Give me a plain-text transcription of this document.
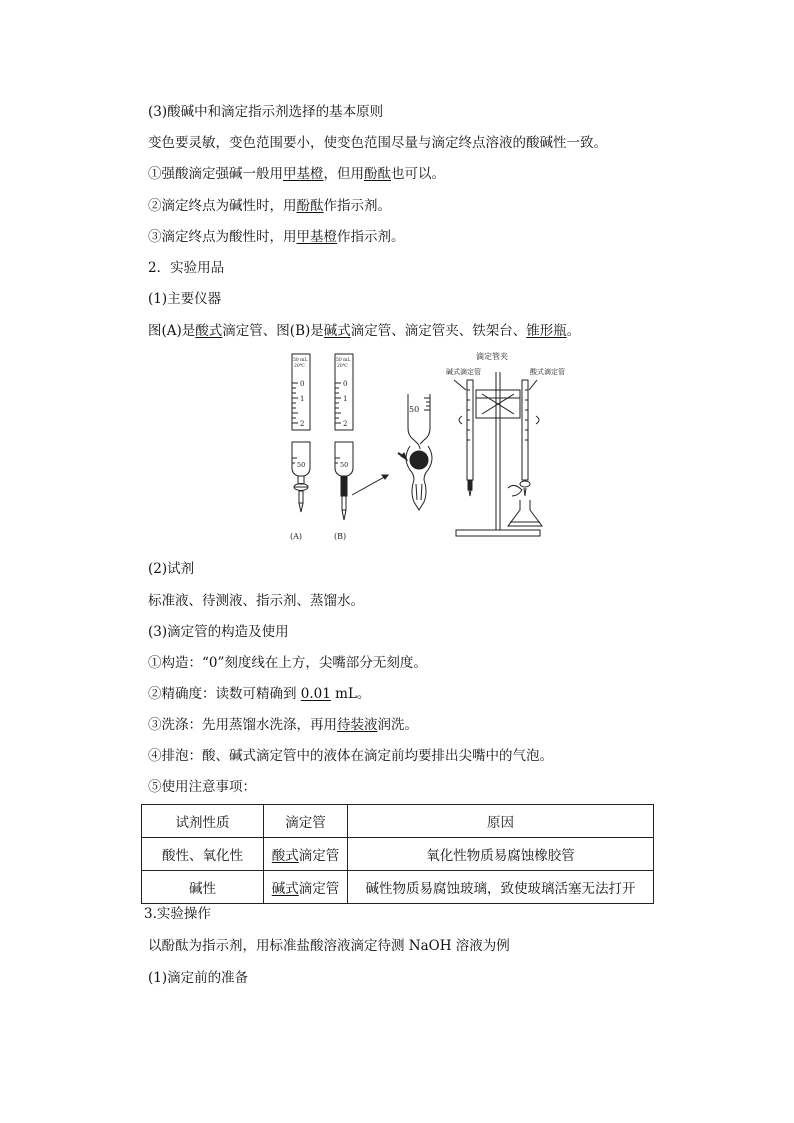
(3)酸碱中和滴定指示剂选择的基本原则
变色要灵敏，变色范围要小，使变色范围尽量与滴定终点溶液的酸碱性一致。
①强酸滴定强碱一般用甲基橙，但用酚酞也可以。
②滴定终点为碱性时，用酚酞作指示剂。
③滴定终点为酸性时，用甲基橙作指示剂。
2．实验用品
(1)主要仪器
图(A)是酸式滴定管、图(B)是碱式滴定管、滴定管夹、铁架台、锥形瓶。
50 mL
20℃
0
1
2
50
(A)
50 mL
20℃
0
1
2
50
(B)
50
滴定管夹
碱式滴定管	酸式滴定管
(2)试剂
标准液、待测液、指示剂、蒸馏水。
(3)滴定管的构造及使用
①构造：“0”刻度线在上方，尖嘴部分无刻度。
②精确度：读数可精确到 0.01 mL。
③洗涤：先用蒸馏水洗涤，再用待装液润洗。
④排泡：酸、碱式滴定管中的液体在滴定前均要排出尖嘴中的气泡。
⑤使用注意事项：
试剂性质	滴定管	原因
酸性、氧化性	酸式滴定管	氧化性物质易腐蚀橡胶管
碱性	碱式滴定管	碱性物质易腐蚀玻璃，致使玻璃活塞无法打开
3.实验操作
以酚酞为指示剂，用标准盐酸溶液滴定待测 NaOH 溶液为例
(1)滴定前的准备
